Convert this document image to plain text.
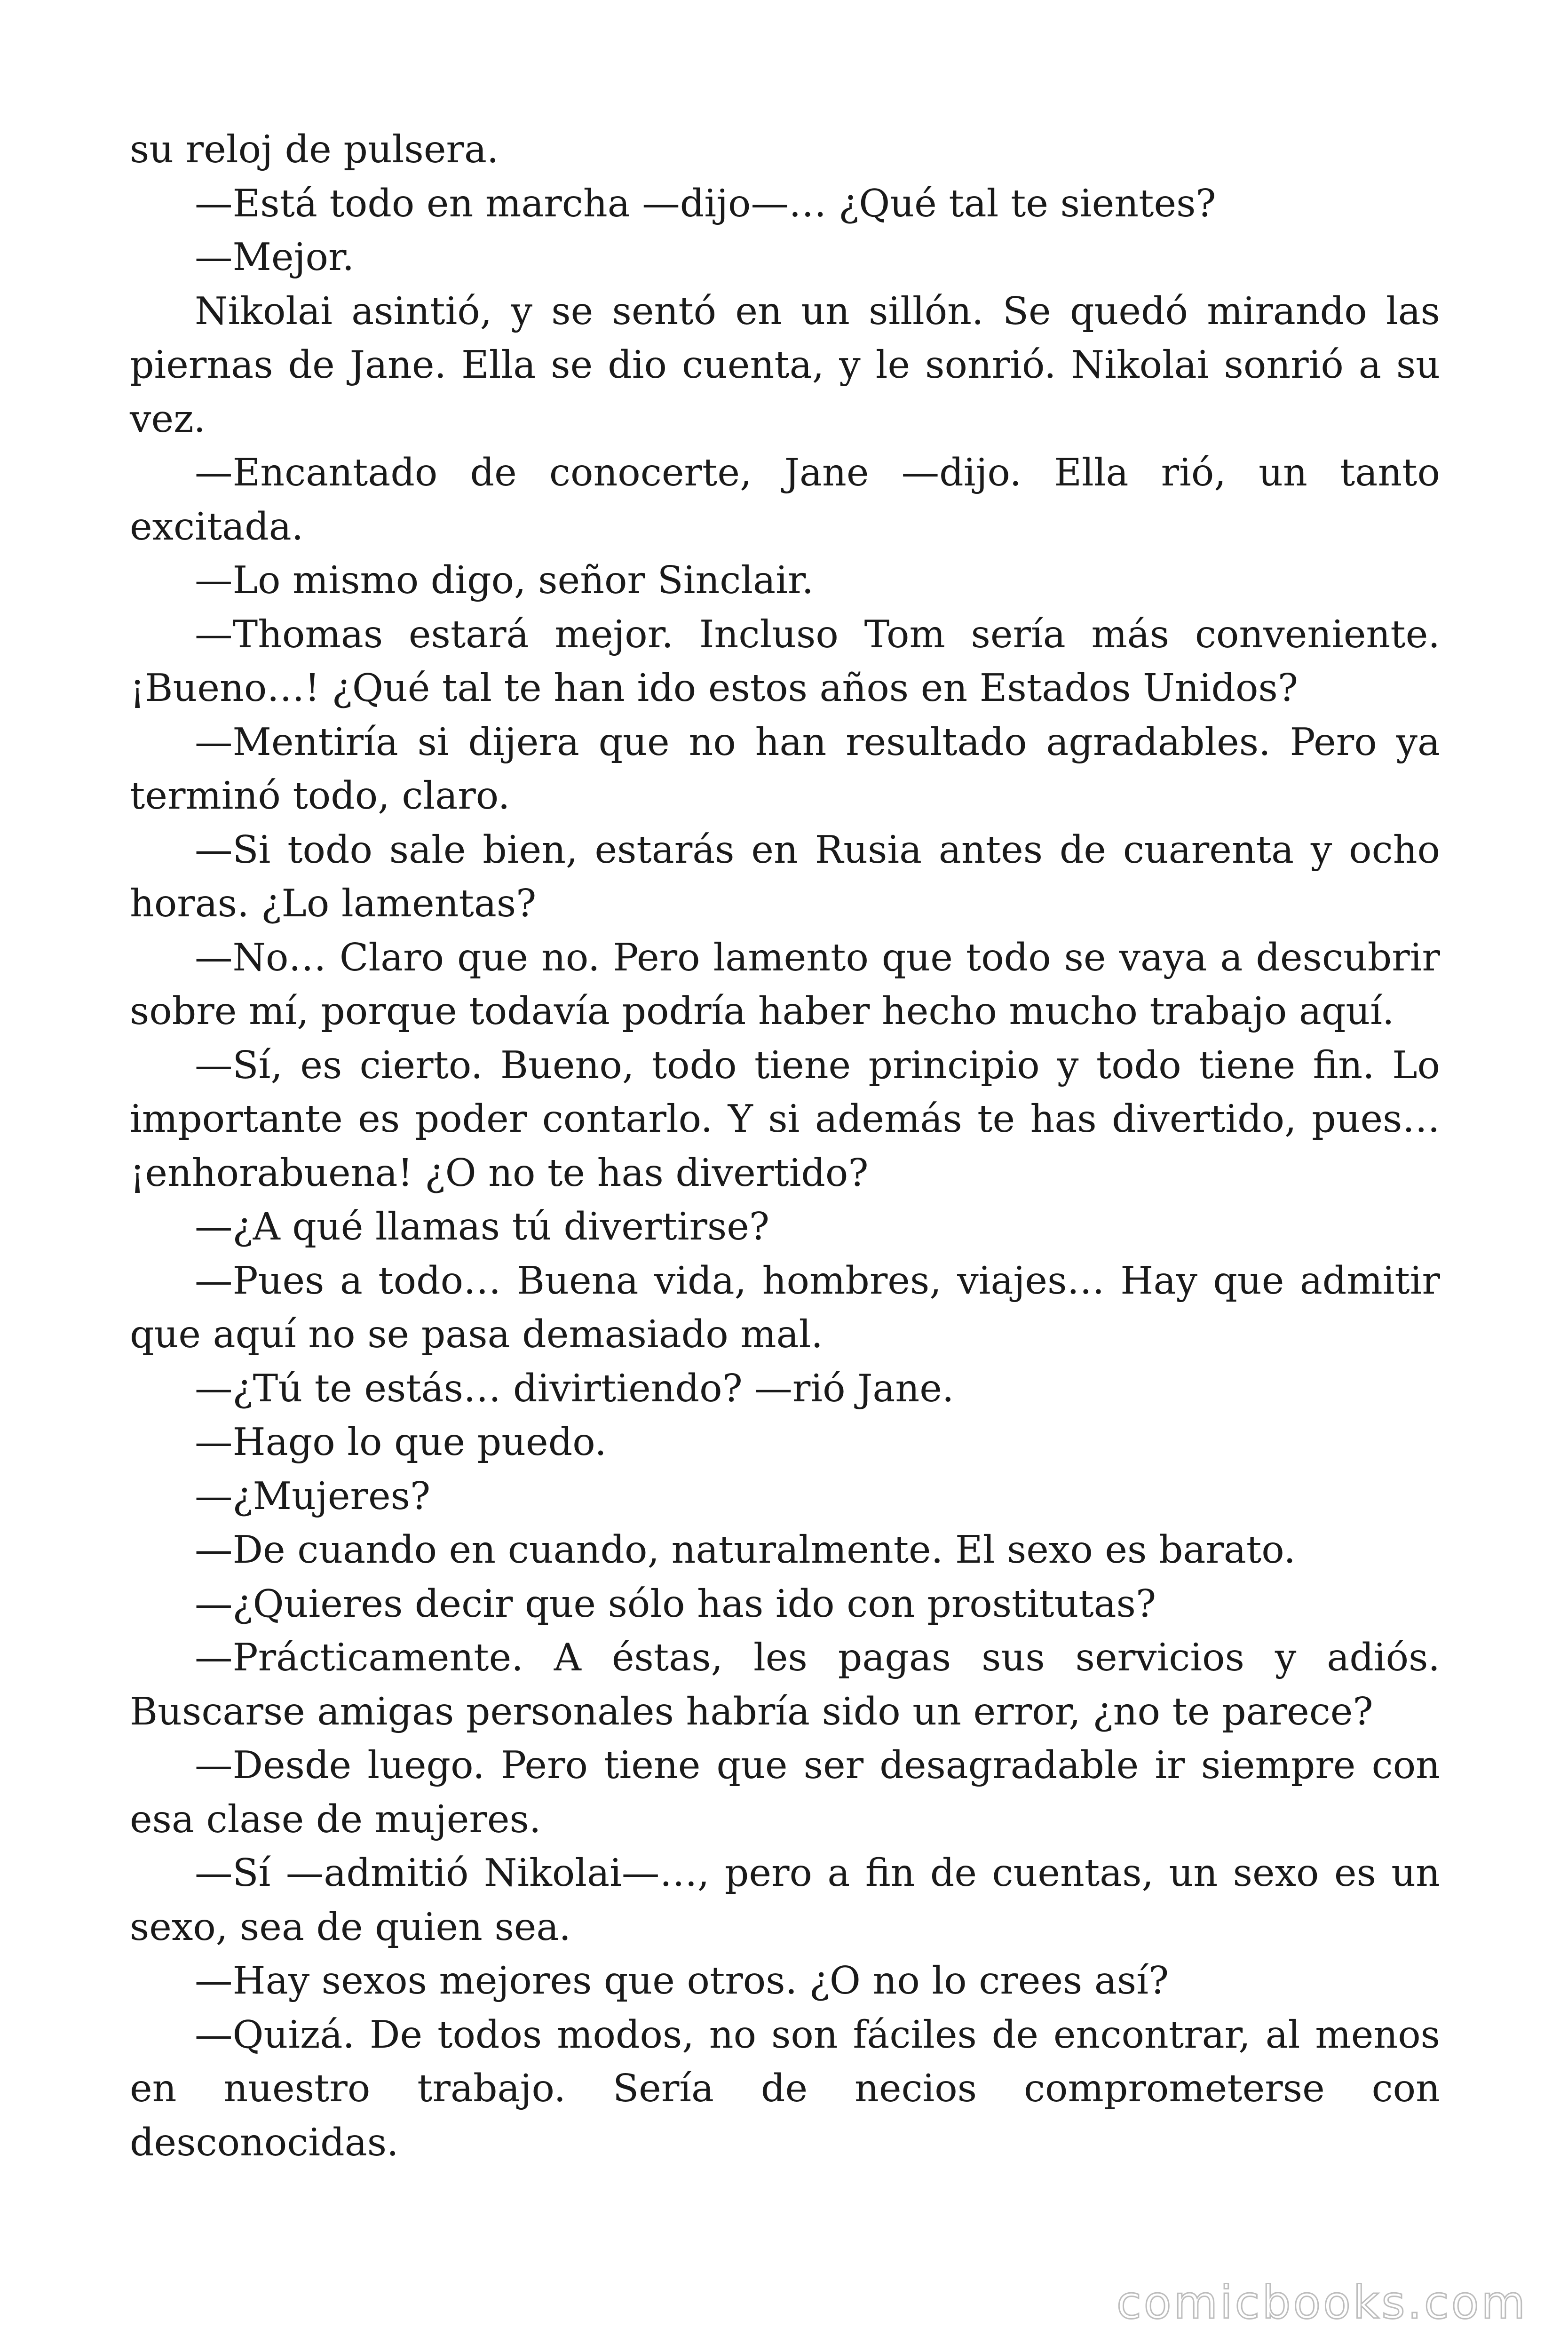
su reloj de pulsera.

—Está todo en marcha —dijo—… ¿Qué tal te sientes?

—Mejor.

Nikolai asintió, y se sentó en un sillón. Se quedó mirando las piernas de Jane. Ella se dio cuenta, y le sonrió. Nikolai sonrió a su vez.

—Encantado de conocerte, Jane —dijo. Ella rió, un tanto excitada.

—Lo mismo digo, señor Sinclair.

—Thomas estará mejor. Incluso Tom sería más conveniente. ¡Bueno…! ¿Qué tal te han ido estos años en Estados Unidos?

—Mentiría si dijera que no han resultado agradables. Pero ya terminó todo, claro.

—Si todo sale bien, estarás en Rusia antes de cuarenta y ocho horas. ¿Lo lamentas?

—No… Claro que no. Pero lamento que todo se vaya a descubrir sobre mí, porque todavía podría haber hecho mucho trabajo aquí.

—Sí, es cierto. Bueno, todo tiene principio y todo tiene fin. Lo importante es poder contarlo. Y si además te has divertido, pues… ¡enhorabuena! ¿O no te has divertido?

—¿A qué llamas tú divertirse?

—Pues a todo… Buena vida, hombres, viajes… Hay que admitir que aquí no se pasa demasiado mal.

—¿Tú te estás… divirtiendo? —rió Jane.

—Hago lo que puedo.

—¿Mujeres?

—De cuando en cuando, naturalmente. El sexo es barato.

—¿Quieres decir que sólo has ido con prostitutas?

—Prácticamente. A éstas, les pagas sus servicios y adiós. Buscarse amigas personales habría sido un error, ¿no te parece?

—Desde luego. Pero tiene que ser desagradable ir siempre con esa clase de mujeres.

—Sí —admitió Nikolai—…, pero a fin de cuentas, un sexo es un sexo, sea de quien sea.

—Hay sexos mejores que otros. ¿O no lo crees así?

—Quizá. De todos modos, no son fáciles de encontrar, al menos en nuestro trabajo. Sería de necios comprometerse con desconocidas.

comicbooks.com
